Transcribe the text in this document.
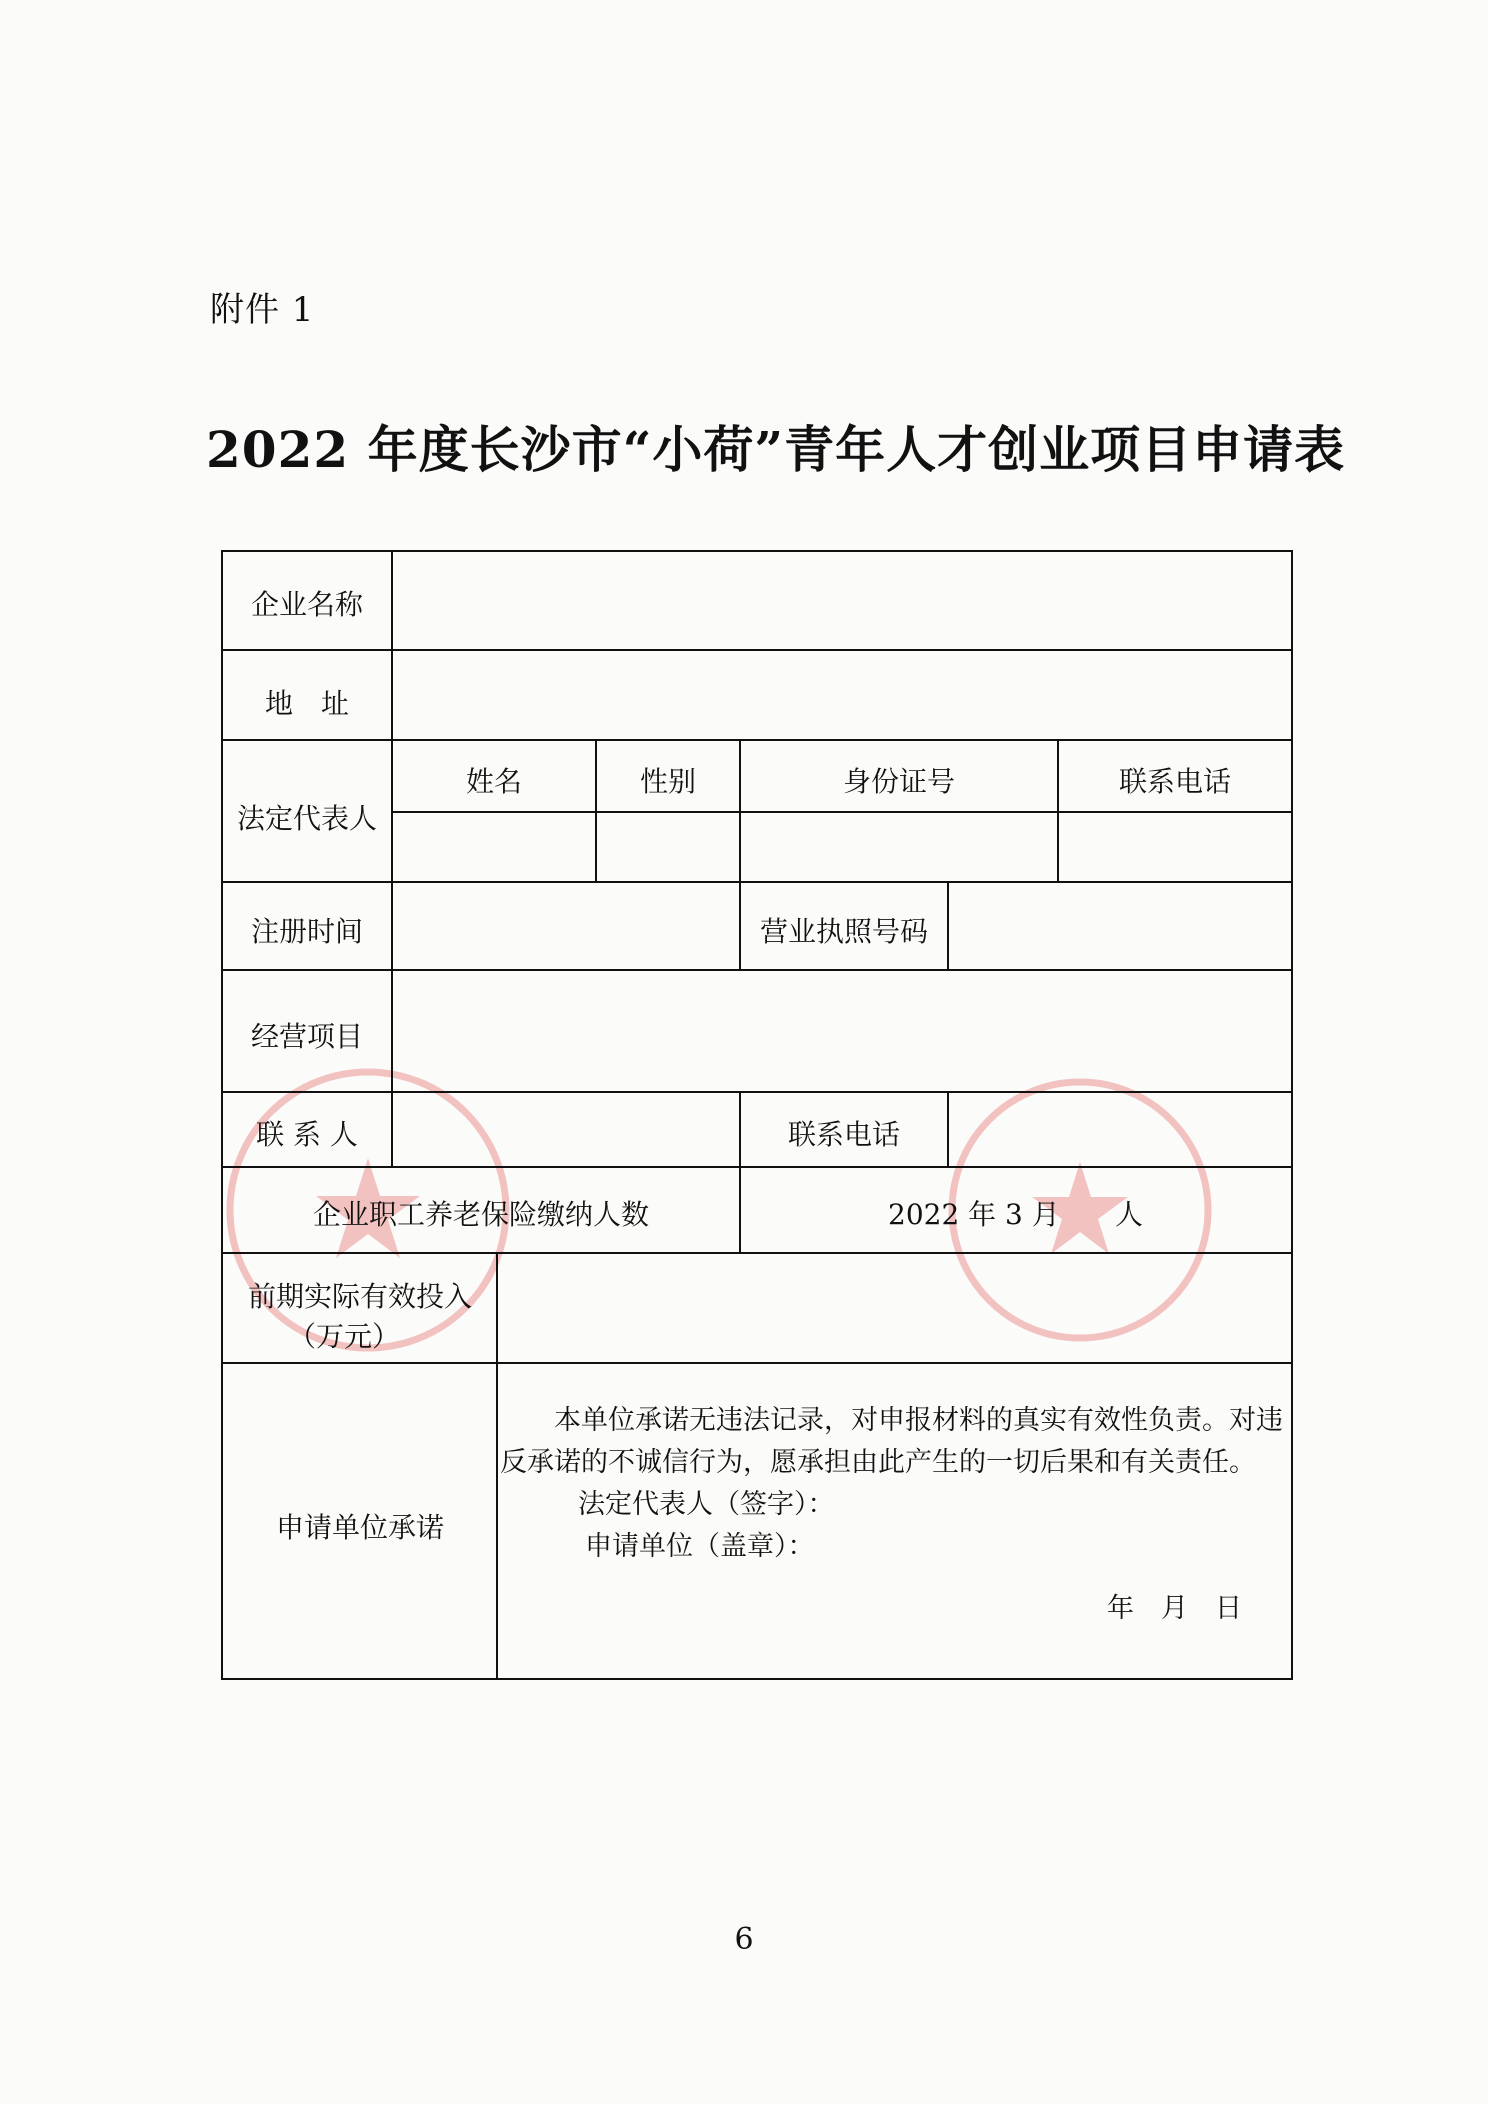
附件 1
2022 年度长沙市“小荷”青年人才创业项目申请表
企业名称
地　址
法定代表人
姓名	性别	身份证号	联系电话
注册时间	营业执照号码
经营项目
联 系 人	联系电话
企业职工养老保险缴纳人数	2022 年 3 月 人
前期实际有效投入
（万元）
申请单位承诺

本单位承诺无违法记录，对申报材料的真实有效性负责。对违反承诺的不诚信行为，愿承担由此产生的一切后果和有关责任。

法定代表人（签字）：

申请单位（盖章）：

年　月　日

6
